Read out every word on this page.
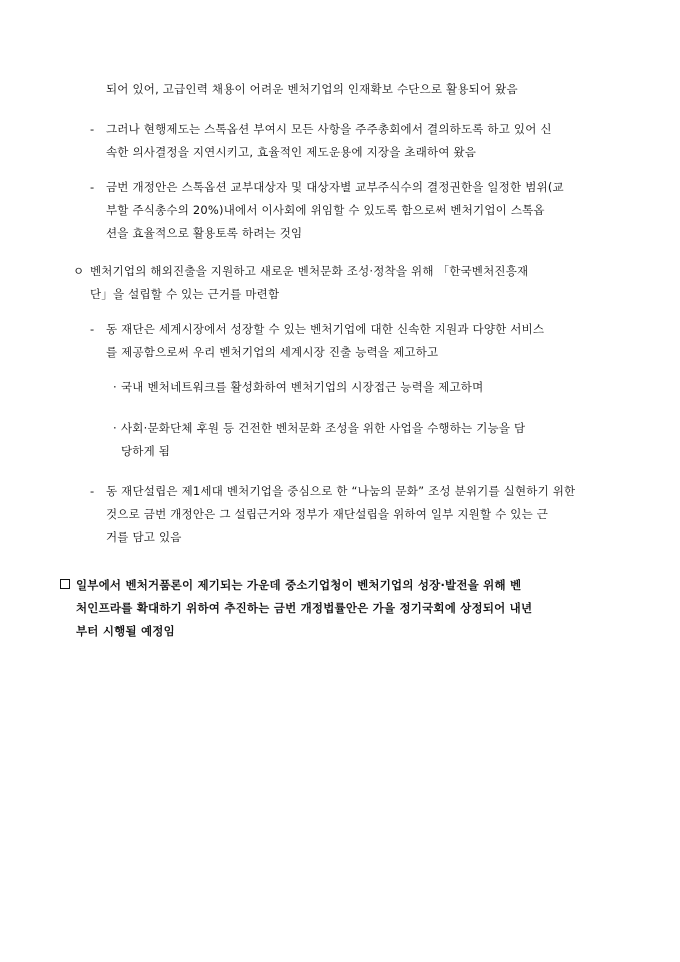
되어 있어, 고급인력 채용이 어려운 벤처기업의 인재확보 수단으로 활용되어 왔음

- 그러나 현행제도는 스톡옵션 부여시 모든 사항을 주주총회에서 결의하도록 하고 있어 신

속한 의사결정을 지연시키고, 효율적인 제도운용에 지장을 초래하여 왔음

- 금번 개정안은 스톡옵션 교부대상자 및 대상자별 교부주식수의 결정권한을 일정한 범위(교

부할 주식총수의 20%)내에서 이사회에 위임할 수 있도록 함으로써 벤처기업이 스톡옵

션을 효율적으로 활용토록 하려는 것임

ㅇ 벤처기업의 해외진출을 지원하고 새로운 벤처문화 조성·정착을 위해 「한국벤처진흥재

단」을 설립할 수 있는 근거를 마련함

- 동 재단은 세계시장에서 성장할 수 있는 벤처기업에 대한 신속한 지원과 다양한 서비스

를 제공함으로써 우리 벤처기업의 세계시장 진출 능력을 제고하고

· 국내 벤처네트워크를 활성화하여 벤처기업의 시장접근 능력을 제고하며

· 사회·문화단체 후원 등 건전한 벤처문화 조성을 위한 사업을 수행하는 기능을 담

당하게 됨

- 동 재단설립은 제1세대 벤처기업을 중심으로 한 “나눔의 문화” 조성 분위기를 실현하기 위한

것으로 금번 개정안은 그 설립근거와 정부가 재단설립을 위하여 일부 지원할 수 있는 근

거를 담고 있음

일부에서 벤처거품론이 제기되는 가운데 중소기업청이 벤처기업의 성장·발전을 위해 벤

처인프라를 확대하기 위하여 추진하는 금번 개정법률안은 가을 정기국회에 상정되어 내년

부터 시행될 예정임
